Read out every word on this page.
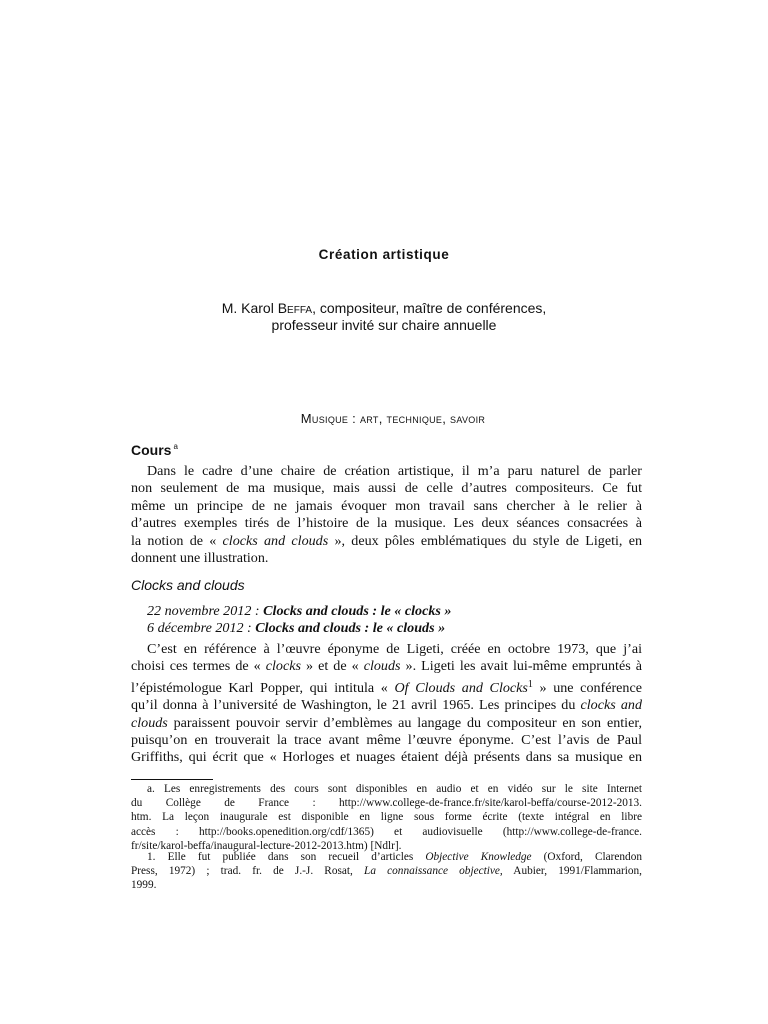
Création artistique
M. Karol Beffa, compositeur, maître de conférences,
professeur invité sur chaire annuelle
Musique : art, technique, savoir
Cours $^a$
Dans le cadre d’une chaire de création artistique, il m’a paru naturel de parler
non seulement de ma musique, mais aussi de celle d’autres compositeurs. Ce fut
même un principe de ne jamais évoquer mon travail sans chercher à le relier à
d’autres exemples tirés de l’histoire de la musique. Les deux séances consacrées à
la notion de « clocks and clouds », deux pôles emblématiques du style de Ligeti, en
donnent une illustration.
Clocks and clouds
22 novembre 2012 : Clocks and clouds : le « clocks »
6 décembre 2012 : Clocks and clouds : le « clouds »
C’est en référence à l’œuvre éponyme de Ligeti, créée en octobre 1973, que j’ai
choisi ces termes de « clocks » et de « clouds ». Ligeti les avait lui-même empruntés à
l’épistémologue Karl Popper, qui intitula « Of Clouds and Clocks$^1$ » une conférence
qu’il donna à l’université de Washington, le 21 avril 1965. Les principes du clocks and
clouds paraissent pouvoir servir d’emblèmes au langage du compositeur en son entier,
puisqu’on en trouverait la trace avant même l’œuvre éponyme. C’est l’avis de Paul
Griffiths, qui écrit que « Horloges et nuages étaient déjà présents dans sa musique en
a. Les enregistrements des cours sont disponibles en audio et en vidéo sur le site Internet
du Collège de France : http://www.college-de-france.fr/site/karol-beffa/course-2012-2013.
htm. La leçon inaugurale est disponible en ligne sous forme écrite (texte intégral en libre
accès : http://books.openedition.org/cdf/1365) et audiovisuelle (http://www.college-de-france.
fr/site/karol-beffa/inaugural-lecture-2012-2013.htm) [Ndlr].
1. Elle fut publiée dans son recueil d’articles Objective Knowledge (Oxford, Clarendon
Press, 1972) ; trad. fr. de J.-J. Rosat, La connaissance objective, Aubier, 1991/Flammarion,
1999.
